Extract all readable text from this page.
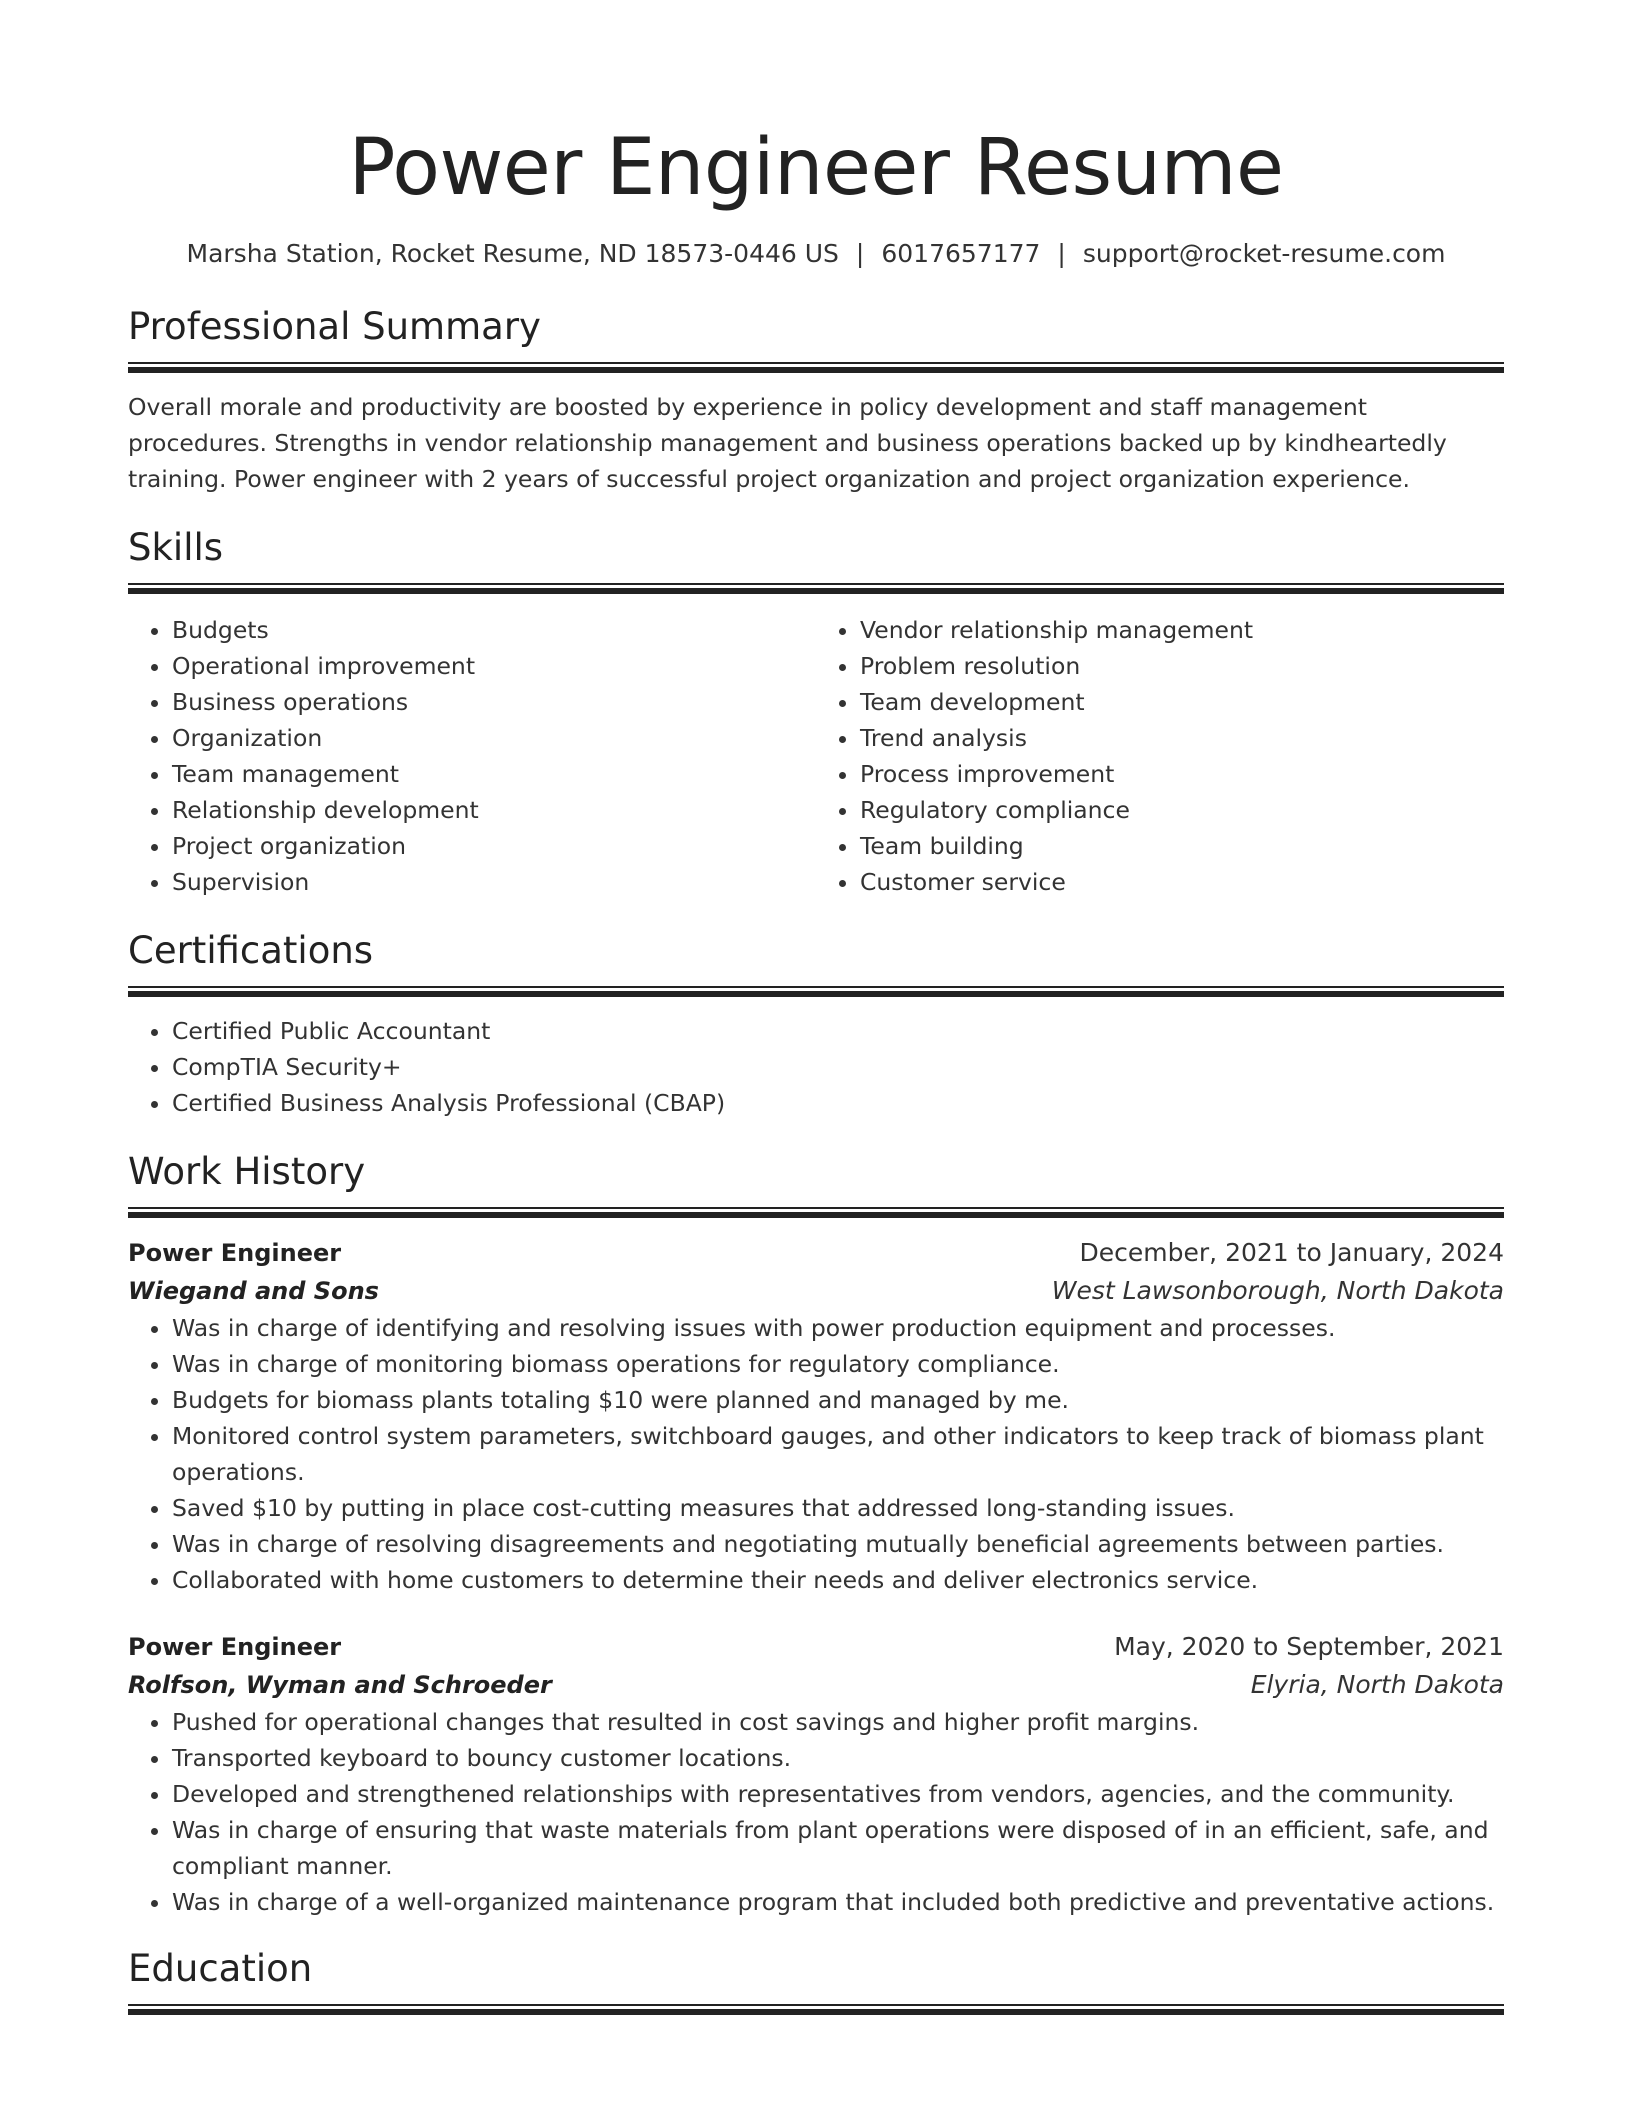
Power Engineer Resume
Marsha Station, Rocket Resume, ND 18573-0446 US | 6017657177 | support@rocket-resume.com
Professional Summary

Overall morale and productivity are boosted by experience in policy development and staff management procedures. Strengths in vendor relationship management and business operations backed up by kindheartedly training. Power engineer with 2 years of successful project organization and project organization experience.

Skills
• Budgets
• Operational improvement
• Business operations
• Organization
• Team management
• Relationship development
• Project organization
• Supervision
• Vendor relationship management
• Problem resolution
• Team development
• Trend analysis
• Process improvement
• Regulatory compliance
• Team building
• Customer service
Certifications
• Certified Public Accountant
• CompTIA Security+
• Certified Business Analysis Professional (CBAP)
Work History
Power Engineer	December, 2021 to January, 2024
Wiegand and Sons	West Lawsonborough, North Dakota
• Was in charge of identifying and resolving issues with power production equipment and processes.
• Was in charge of monitoring biomass operations for regulatory compliance.
• Budgets for biomass plants totaling $10 were planned and managed by me.
• Monitored control system parameters, switchboard gauges, and other indicators to keep track of biomass plant operations.
• Saved $10 by putting in place cost-cutting measures that addressed long-standing issues.
• Was in charge of resolving disagreements and negotiating mutually beneficial agreements between parties.
• Collaborated with home customers to determine their needs and deliver electronics service.
Power Engineer	May, 2020 to September, 2021
Rolfson, Wyman and Schroeder	Elyria, North Dakota
• Pushed for operational changes that resulted in cost savings and higher profit margins.
• Transported keyboard to bouncy customer locations.
• Developed and strengthened relationships with representatives from vendors, agencies, and the community.
• Was in charge of ensuring that waste materials from plant operations were disposed of in an efficient, safe, and compliant manner.
• Was in charge of a well-organized maintenance program that included both predictive and preventative actions.
Education
